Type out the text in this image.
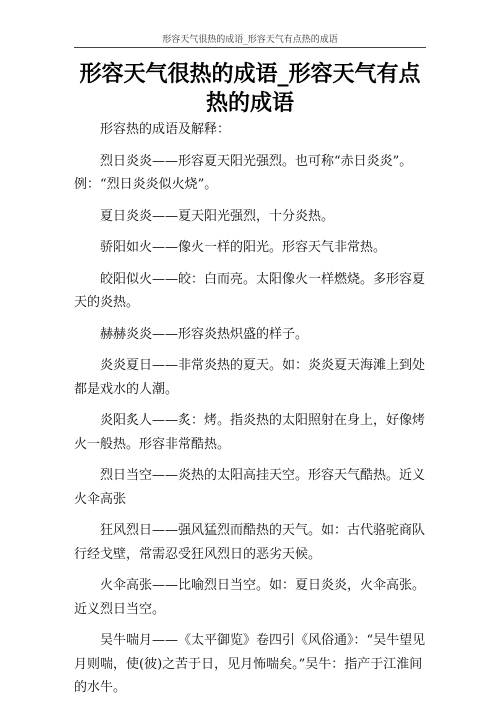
形容天气很热的成语_形容天气有点热的成语
形容天气很热的成语_形容天气有点热的成语

形容热的成语及解释：

烈日炎炎——形容夏天阳光强烈。也可称“赤日炎炎”。例：“烈日炎炎似火烧”。

夏日炎炎——夏天阳光强烈，十分炎热。

骄阳如火——像火一样的阳光。形容天气非常热。

皎阳似火——皎：白而亮。太阳像火一样燃烧。多形容夏天的炎热。

赫赫炎炎——形容炎热炽盛的样子。

炎炎夏日——非常炎热的夏天。如：炎炎夏天海滩上到处都是戏水的人潮。

炎阳炙人——炙：烤。指炎热的太阳照射在身上，好像烤火一般热。形容非常酷热。

烈日当空——炎热的太阳高挂天空。形容天气酷热。近义火伞高张

狂风烈日——强风猛烈而酷热的天气。如：古代骆驼商队行经戈壁，常需忍受狂风烈日的恶劣天候。

火伞高张——比喻烈日当空。如：夏日炎炎，火伞高张。近义烈日当空。

吴牛喘月——《太平御览》卷四引《风俗通》：“吴牛望见月则喘，使(彼)之苦于日，见月怖喘矣。”吴牛：指产于江淮间的水牛。
